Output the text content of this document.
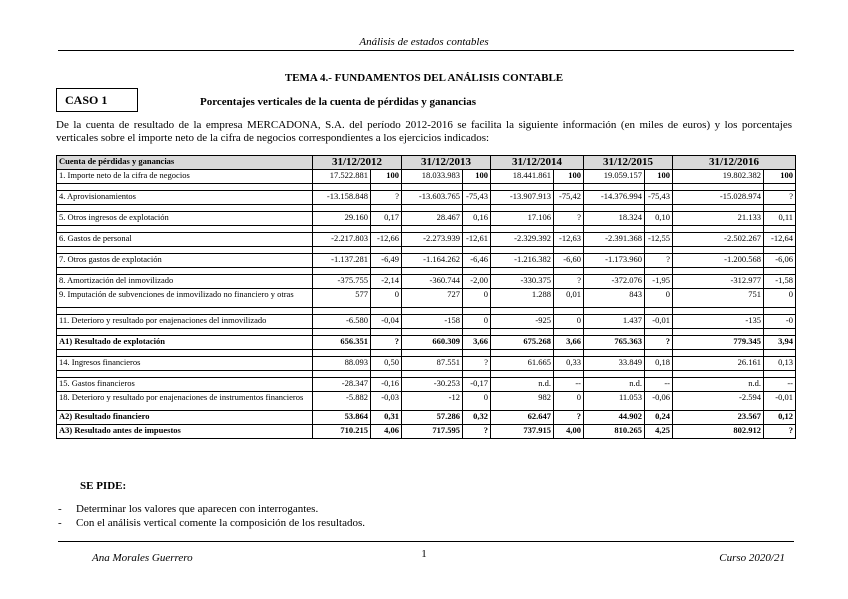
Análisis de estados contables
TEMA 4.- FUNDAMENTOS DEL ANÁLISIS CONTABLE
CASO 1	Porcentajes verticales de la cuenta de pérdidas y ganancias
De la cuenta de resultado de la empresa MERCADONA, S.A. del período 2012-2016 se facilita la siguiente información (en miles de euros) y los porcentajes verticales sobre el importe neto de la cifra de negocios correspondientes a los ejercicios indicados:
Cuenta de pérdidas y ganancias	31/12/2012		31/12/2013		31/12/2014		31/12/2015		31/12/2016	
1. Importe neto de la cifra de negocios	17.522.881	100	18.033.983	100	18.441.861	100	19.059.157	100	19.802.382	100

4. Aprovisionamientos	-13.158.848	?	-13.603.765	-75,43	-13.907.913	-75,42	-14.376.994	-75,43	-15.028.974	?

5. Otros ingresos de explotación	29.160	0,17	28.467	0,16	17.106	?	18.324	0,10	21.133	0,11

6. Gastos de personal	-2.217.803	-12,66	-2.273.939	-12,61	-2.329.392	-12,63	-2.391.368	-12,55	-2.502.267	-12,64

7. Otros gastos de explotación	-1.137.281	-6,49	-1.164.262	-6,46	-1.216.382	-6,60	-1.173.960	?	-1.200.568	-6,06

8. Amortización del inmovilizado	-375.755	-2,14	-360.744	-2,00	-330.375	?	-372.076	-1,95	-312.977	-1,58
9. Imputación de subvenciones de inmovilizado no financiero y otras	577	0	727	0	1.288	0,01	843	0	751	0

11. Deterioro y resultado por enajenaciones del inmovilizado	-6.580	-0,04	-158	0	-925	0	1.437	-0,01	-135	-0

A1) Resultado de explotación	656.351	?	660.309	3,66	675.268	3,66	765.363	?	779.345	3,94

14. Ingresos financieros	88.093	0,50	87.551	?	61.665	0,33	33.849	0,18	26.161	0,13

15. Gastos financieros	-28.347	-0,16	-30.253	-0,17	n.d.	--	n.d.	--	n.d.	--
18. Deterioro y resultado por enajenaciones de instrumentos financieros	-5.882	-0,03	-12	0	982	0	11.053	-0,06	-2.594	-0,01
A2) Resultado financiero	53.864	0,31	57.286	0,32	62.647	?	44.902	0,24	23.567	0,12
A3) Resultado antes de impuestos	710.215	4,06	717.595	?	737.915	4,00	810.265	4,25	802.912	?
SE PIDE:
- Determinar los valores que aparecen con interrogantes.
- Con el análisis vertical comente la composición de los resultados.
Ana Morales Guerrero	1	Curso 2020/21
